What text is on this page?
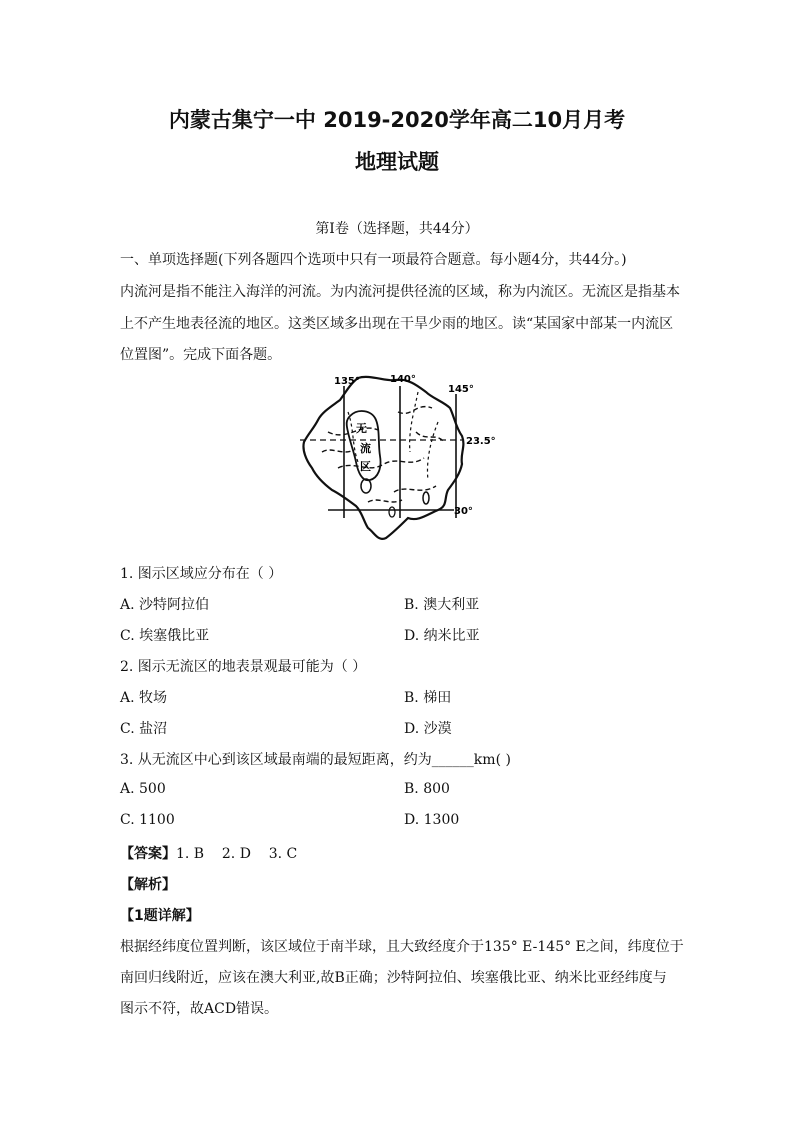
内蒙古集宁一中 2019-2020学年高二10月月考
地理试题
第I卷（选择题，共44分）
一、单项选择题(下列各题四个选项中只有一项最符合题意。每小题4分，共44分。)
内流河是指不能注入海洋的河流。为内流河提供径流的区域，称为内流区。无流区是指基本
上不产生地表径流的地区。这类区域多出现在干旱少雨的地区。读“某国家中部某一内流区
位置图”。完成下面各题。
135°	140°
145°
23.5°
30°
无
流
区
1. 图示区域应分布在（ ）
A. 沙特阿拉伯	B. 澳大利亚
C. 埃塞俄比亚	D. 纳米比亚
2. 图示无流区的地表景观最可能为（ ）
A. 牧场	B. 梯田
C. 盐沼	D. 沙漠
3. 从无流区中心到该区域最南端的最短距离，约为______km( )
A. 500	B. 800
C. 1100	D. 1300
【答案】1. B    2. D    3. C
【解析】
【1题详解】
根据经纬度位置判断，该区域位于南半球，且大致经度介于135° E-145° E之间，纬度位于
南回归线附近，应该在澳大利亚,故B正确；沙特阿拉伯、埃塞俄比亚、纳米比亚经纬度与
图示不符，故ACD错误。
